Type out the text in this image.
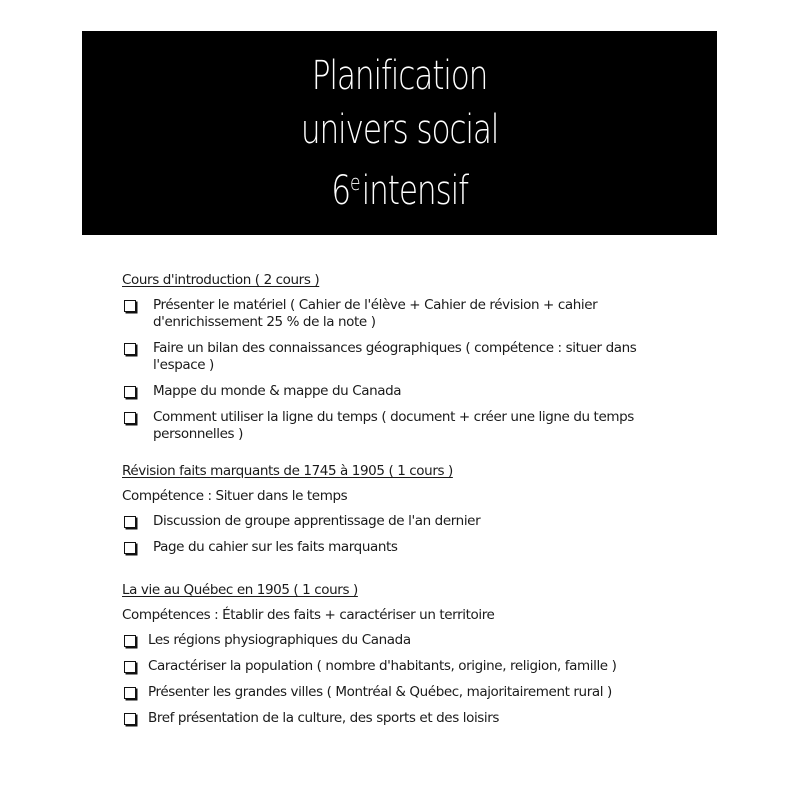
Planification
univers social
6eintensif
Cours d'introduction ( 2 cours )
Présenter le matériel ( Cahier de l'élève + Cahier de révision + cahier d'enrichissement 25 % de la note )
Faire un bilan des connaissances géographiques ( compétence : situer dans l'espace )
Mappe du monde & mappe du Canada
Comment utiliser la ligne du temps ( document + créer une ligne du temps personnelles )
Révision faits marquants de 1745 à 1905 ( 1 cours )
Compétence : Situer dans le temps
Discussion de groupe apprentissage de l'an dernier
Page du cahier sur les faits marquants
La vie au Québec en 1905 ( 1 cours )
Compétences : Établir des faits + caractériser un territoire
Les régions physiographiques du Canada
Caractériser la population ( nombre d'habitants, origine, religion, famille )
Présenter les grandes villes ( Montréal & Québec, majoritairement rural )
Bref présentation de la culture, des sports et des loisirs
